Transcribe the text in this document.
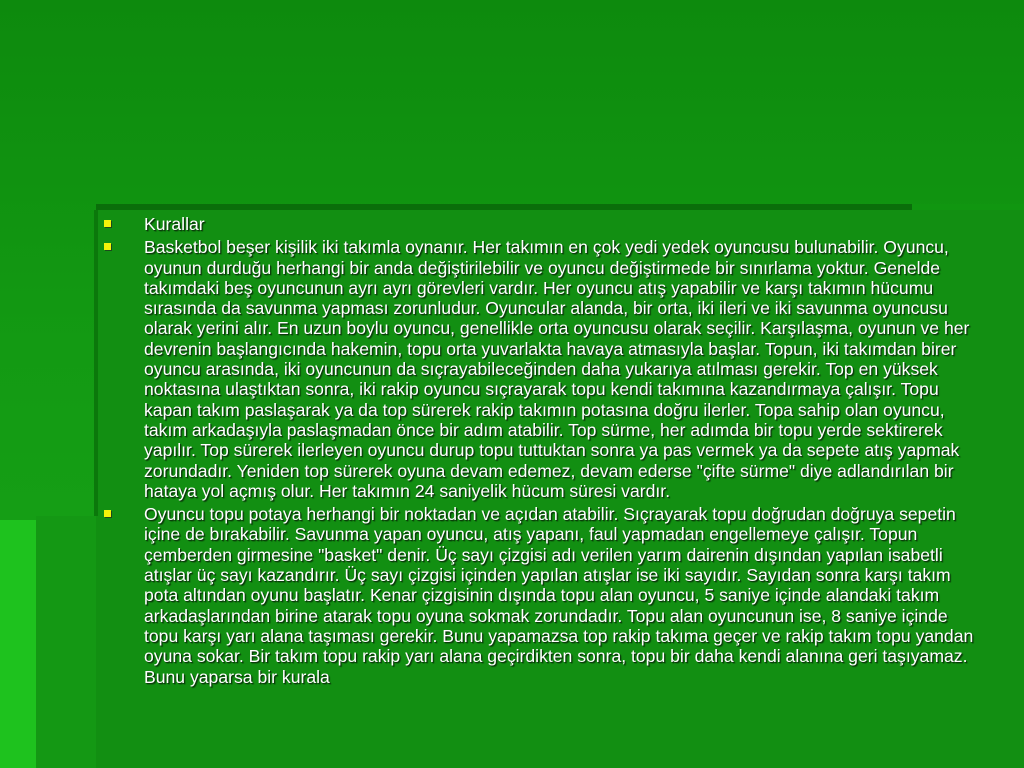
Kurallar
Basketbol beşer kişilik iki takımla oynanır. Her takımın en çok yedi yedek oyuncusu bulunabilir. Oyuncu, oyunun durduğu herhangi bir anda değiştirilebilir ve oyuncu değiştirmede bir sınırlama yoktur. Genelde takımdaki beş oyuncunun ayrı ayrı görevleri vardır. Her oyuncu atış yapabilir ve karşı takımın hücumu sırasında da savunma yapması zorunludur. Oyuncular alanda, bir orta, iki ileri ve iki savunma oyuncusu olarak yerini alır. En uzun boylu oyuncu, genellikle orta oyuncusu olarak seçilir. Karşılaşma, oyunun ve her devrenin başlangıcında hakemin, topu orta yuvarlakta havaya atmasıyla başlar. Topun, iki takımdan birer oyuncu arasında, iki oyuncunun da sıçrayabileceğinden daha yukarıya atılması gerekir. Top en yüksek noktasına ulaştıktan sonra, iki rakip oyuncu sıçrayarak topu kendi takımına kazandırmaya çalışır. Topu kapan takım paslaşarak ya da top sürerek rakip takımın potasına doğru ilerler. Topa sahip olan oyuncu, takım arkadaşıyla paslaşmadan önce bir adım atabilir. Top sürme, her adımda bir topu yerde sektirerek yapılır. Top sürerek ilerleyen oyuncu durup topu tuttuktan sonra ya pas vermek ya da sepete atış yapmak zorundadır. Yeniden top sürerek oyuna devam edemez, devam ederse "çifte sürme" diye adlandırılan bir hataya yol açmış olur. Her takımın 24 saniyelik hücum süresi vardır.
Oyuncu topu potaya herhangi bir noktadan ve açıdan atabilir. Sıçrayarak topu doğrudan doğruya sepetin içine de bırakabilir. Savunma yapan oyuncu, atış yapanı, faul yapmadan engellemeye çalışır. Topun çemberden girmesine "basket" denir. Üç sayı çizgisi adı verilen yarım dairenin dışından yapılan isabetli atışlar üç sayı kazandırır. Üç sayı çizgisi içinden yapılan atışlar ise iki sayıdır. Sayıdan sonra karşı takım pota altından oyunu başlatır. Kenar çizgisinin dışında topu alan oyuncu, 5 saniye içinde alandaki takım arkadaşlarından birine atarak topu oyuna sokmak zorundadır. Topu alan oyuncunun ise, 8 saniye içinde topu karşı yarı alana taşıması gerekir. Bunu yapamazsa top rakip takıma geçer ve rakip takım topu yandan oyuna sokar. Bir takım topu rakip yarı alana geçirdikten sonra, topu bir daha kendi alanına geri taşıyamaz. Bunu yaparsa bir kurala
